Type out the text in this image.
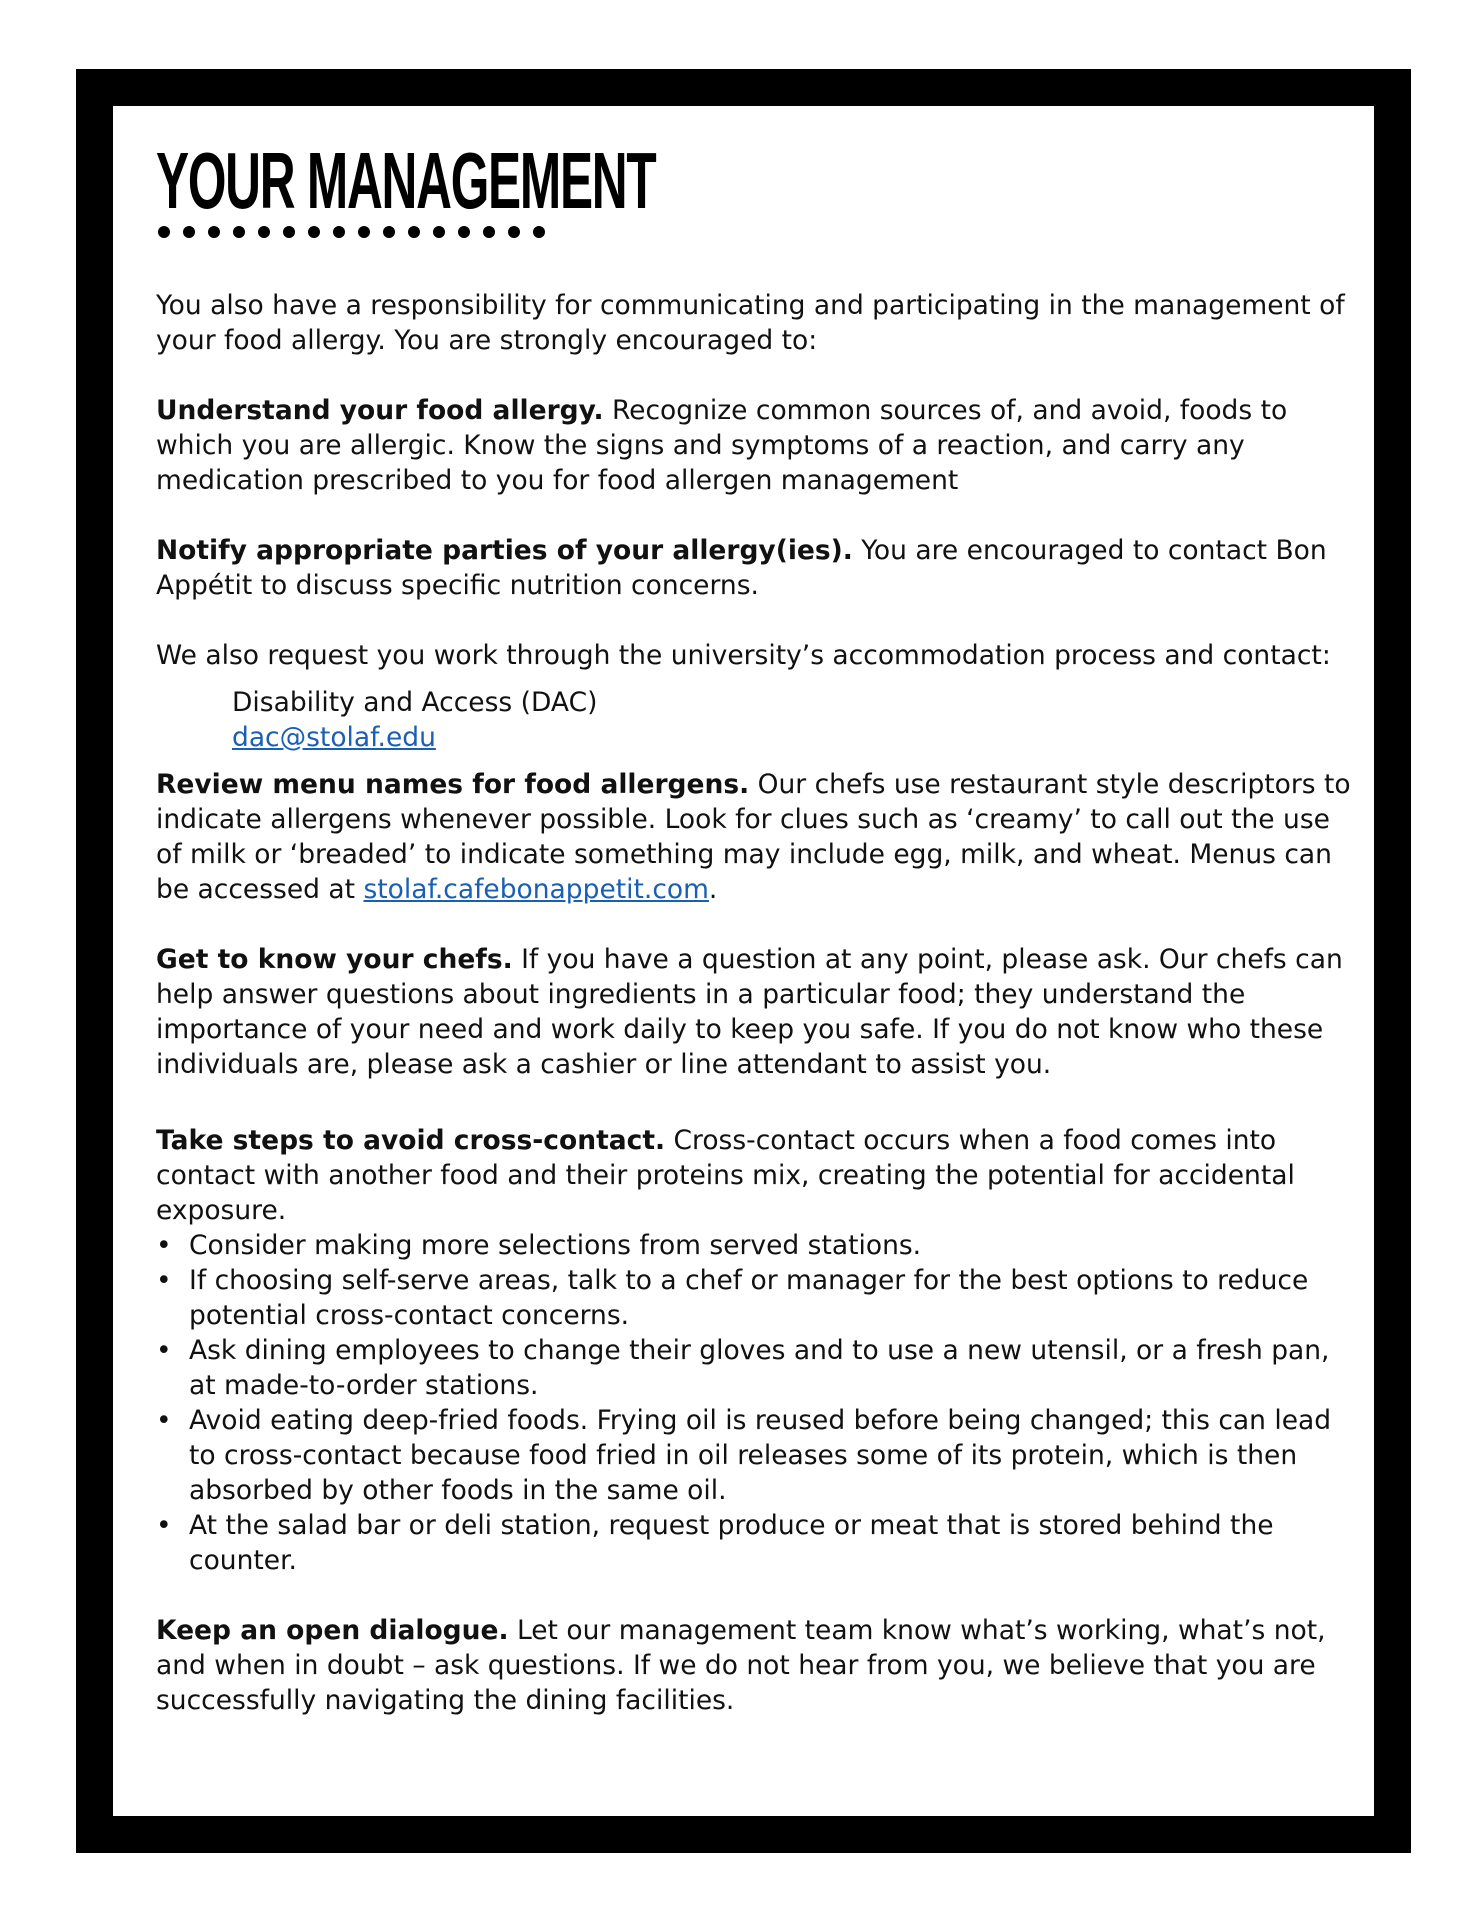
YOUR MANAGEMENT

You also have a responsibility for communicating and participating in the management of your food allergy. You are strongly encouraged to:

Understand your food allergy. Recognize common sources of, and avoid, foods to which you are allergic. Know the signs and symptoms of a reaction, and carry any medication prescribed to you for food allergen management

Notify appropriate parties of your allergy(ies). You are encouraged to contact Bon Appétit to discuss specific nutrition concerns.

We also request you work through the university’s accommodation process and contact:

Disability and Access (DAC)

dac@stolaf.edu

Review menu names for food allergens. Our chefs use restaurant style descriptors to indicate allergens whenever possible. Look for clues such as ‘creamy’ to call out the use of milk or ‘breaded’ to indicate something may include egg, milk, and wheat. Menus can be accessed at stolaf.cafebonappetit.com.

Get to know your chefs. If you have a question at any point, please ask. Our chefs can help answer questions about ingredients in a particular food; they understand the importance of your need and work daily to keep you safe. If you do not know who these individuals are, please ask a cashier or line attendant to assist you.

Take steps to avoid cross-contact. Cross-contact occurs when a food comes into contact with another food and their proteins mix, creating the potential for accidental exposure.

• Consider making more selections from served stations.
• If choosing self-serve areas, talk to a chef or manager for the best options to reduce potential cross-contact concerns.
• Ask dining employees to change their gloves and to use a new utensil, or a fresh pan, at made-to-order stations.
• Avoid eating deep-fried foods. Frying oil is reused before being changed; this can lead to cross-contact because food fried in oil releases some of its protein, which is then absorbed by other foods in the same oil.
• At the salad bar or deli station, request produce or meat that is stored behind the counter.

Keep an open dialogue. Let our management team know what’s working, what’s not, and when in doubt – ask questions. If we do not hear from you, we believe that you are successfully navigating the dining facilities.
